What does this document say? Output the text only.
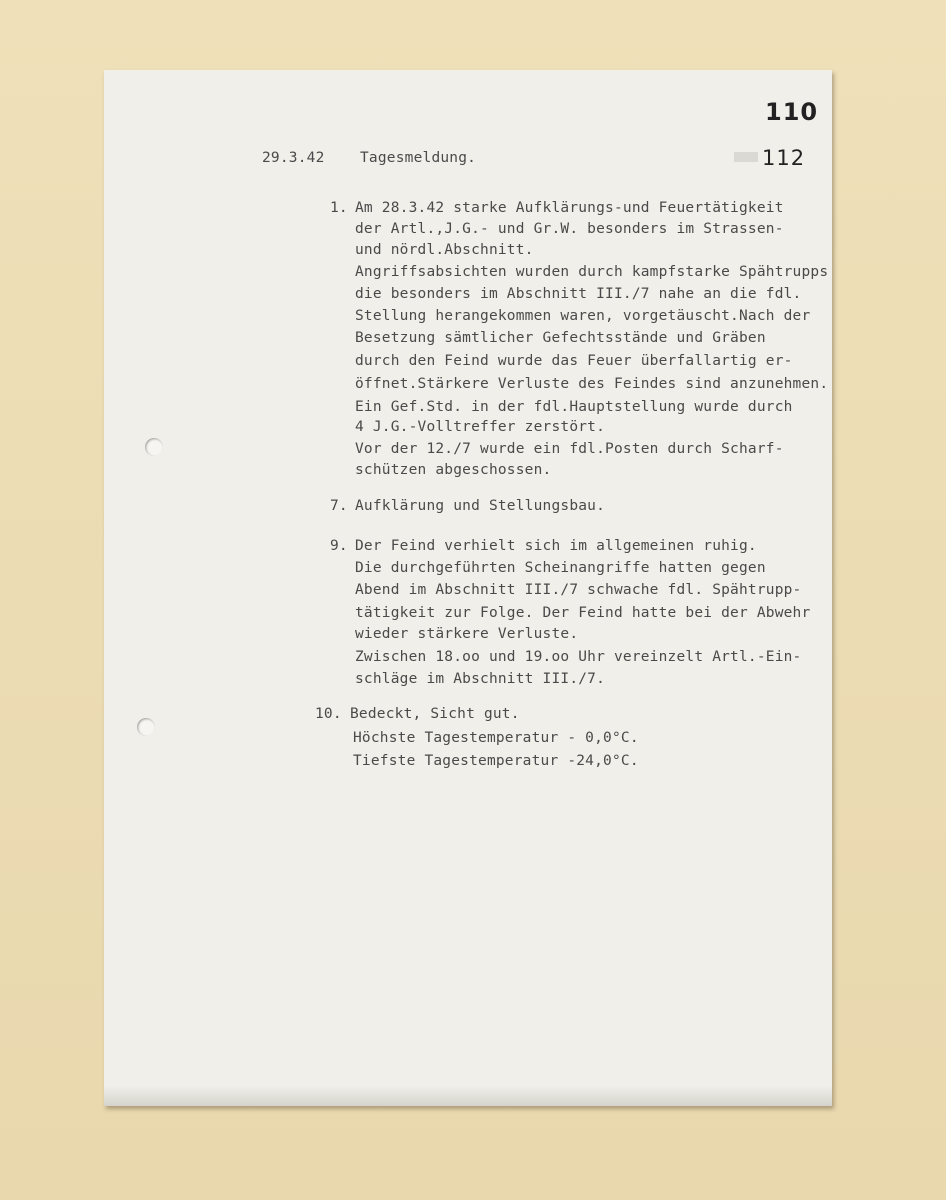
110
112
29.3.42 Tagesmeldung.
1. Am 28.3.42 starke Aufklärungs-und Feuertätigkeit
der Artl.,J.G.- und Gr.W. besonders im Strassen-
und nördl.Abschnitt.
Angriffsabsichten wurden durch kampfstarke Spähtrupps
die besonders im Abschnitt III./7 nahe an die fdl.
Stellung herangekommen waren, vorgetäuscht.Nach der
Besetzung sämtlicher Gefechtsstände und Gräben
durch den Feind wurde das Feuer überfallartig er-
öffnet.Stärkere Verluste des Feindes sind anzunehmen.
Ein Gef.Std. in der fdl.Hauptstellung wurde durch
4 J.G.-Volltreffer zerstört.
Vor der 12./7 wurde ein fdl.Posten durch Scharf-
schützen abgeschossen.
7. Aufklärung und Stellungsbau.
9. Der Feind verhielt sich im allgemeinen ruhig.
Die durchgeführten Scheinangriffe hatten gegen
Abend im Abschnitt III./7 schwache fdl. Spähtrupp-
tätigkeit zur Folge. Der Feind hatte bei der Abwehr
wieder stärkere Verluste.
Zwischen 18.oo und 19.oo Uhr vereinzelt Artl.-Ein-
schläge im Abschnitt III./7.
10. Bedeckt, Sicht gut.
Höchste Tagestemperatur - 0,0°C.
Tiefste Tagestemperatur -24,0°C.
